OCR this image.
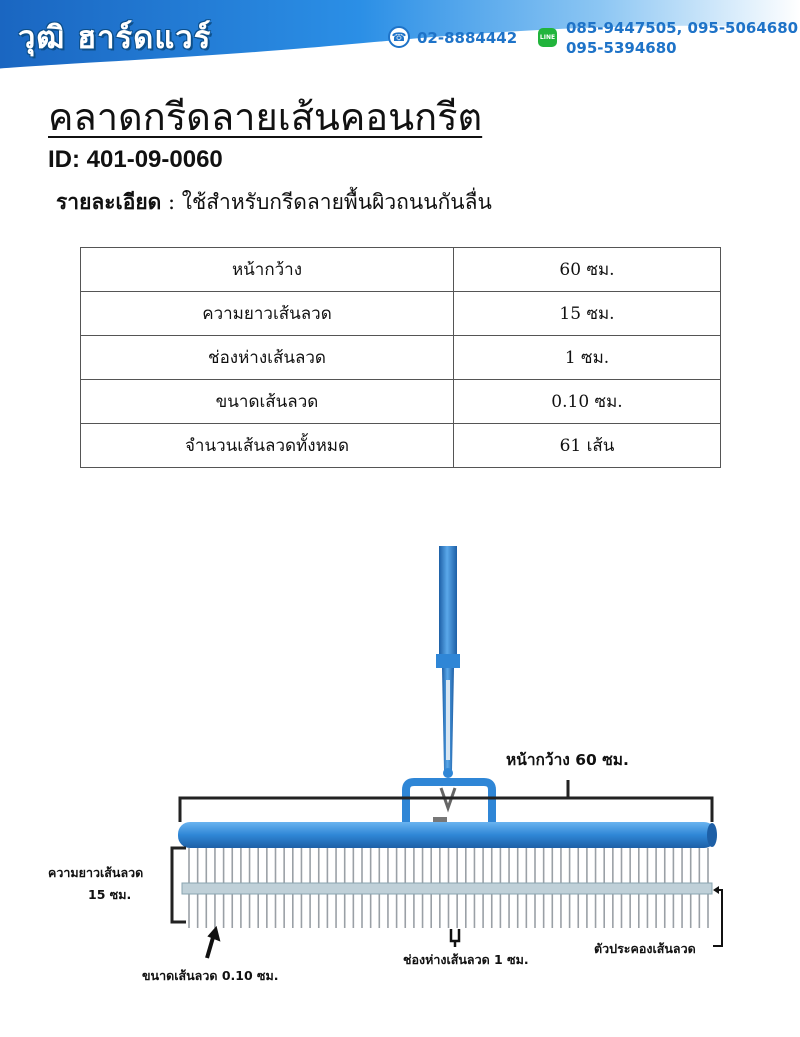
วุฒิ ฮาร์ดแวร์	☎ 02-8884442	LINE
085-9447505, 095-5064680
095-5394680
คลาดกรีดลายเส้นคอนกรีต
ID: 401-09-0060
รายละเอียด : ใช้สำหรับกรีดลายพื้นผิวถนนกันลื่น
หน้ากว้าง	60 ซม.
ความยาวเส้นลวด	15 ซม.
ช่องห่างเส้นลวด	1 ซม.
ขนาดเส้นลวด	0.10 ซม.
จำนวนเส้นลวดทั้งหมด	61 เส้น
หน้ากว้าง 60 ซม.
ความยาวเส้นลวด
15 ซม.
ขนาดเส้นลวด 0.10 ซม.
ช่องห่างเส้นลวด 1 ซม.
ตัวประคองเส้นลวด
